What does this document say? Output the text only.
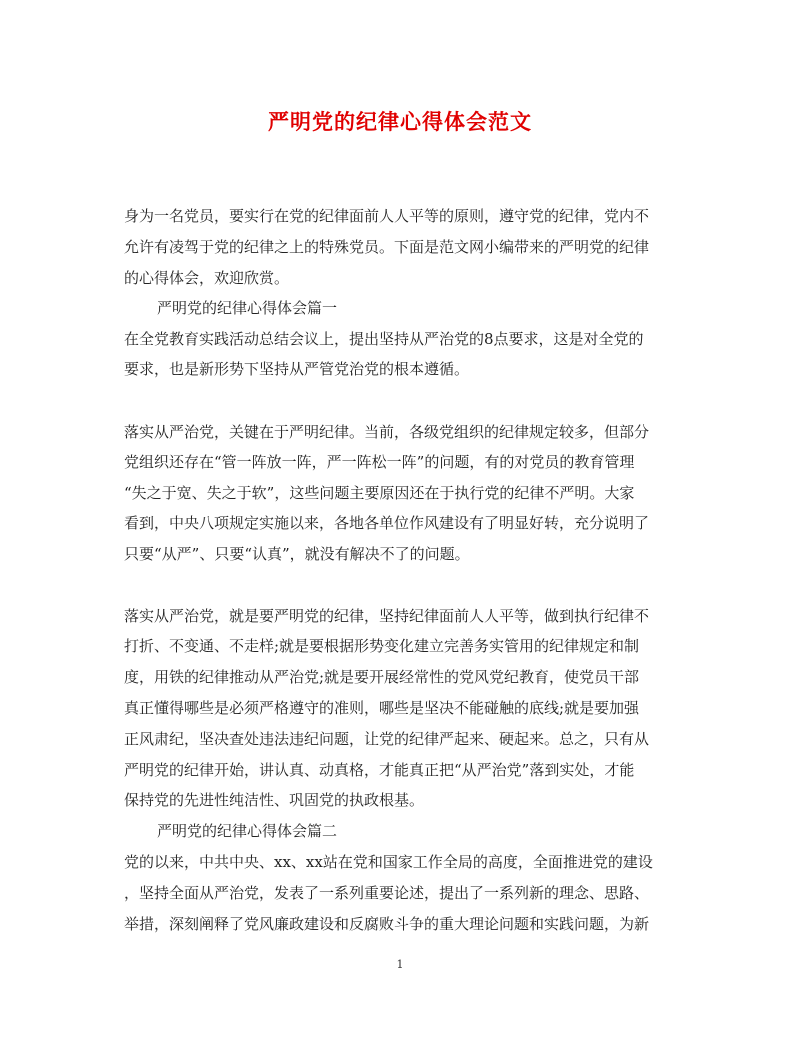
严明党的纪律心得体会范文
身为一名党员，要实行在党的纪律面前人人平等的原则，遵守党的纪律，党内不
允许有凌驾于党的纪律之上的特殊党员。下面是范文网小编带来的严明党的纪律
的心得体会，欢迎欣赏。
严明党的纪律心得体会篇一
在全党教育实践活动总结会议上，提出坚持从严治党的8点要求，这是对全党的
要求，也是新形势下坚持从严管党治党的根本遵循。
落实从严治党，关键在于严明纪律。当前，各级党组织的纪律规定较多，但部分
党组织还存在“管一阵放一阵，严一阵松一阵”的问题，有的对党员的教育管理
“失之于宽、失之于软”，这些问题主要原因还在于执行党的纪律不严明。大家
看到，中央八项规定实施以来，各地各单位作风建设有了明显好转，充分说明了
只要“从严”、只要“认真”，就没有解决不了的问题。
落实从严治党，就是要严明党的纪律，坚持纪律面前人人平等，做到执行纪律不
打折、不变通、不走样;就是要根据形势变化建立完善务实管用的纪律规定和制
度，用铁的纪律推动从严治党;就是要开展经常性的党风党纪教育，使党员干部
真正懂得哪些是必须严格遵守的准则，哪些是坚决不能碰触的底线;就是要加强
正风肃纪，坚决查处违法违纪问题，让党的纪律严起来、硬起来。总之，只有从
严明党的纪律开始，讲认真、动真格，才能真正把“从严治党”落到实处，才能
保持党的先进性纯洁性、巩固党的执政根基。
严明党的纪律心得体会篇二
党的以来，中共中央、xx、xx站在党和国家工作全局的高度，全面推进党的建设
，坚持全面从严治党，发表了一系列重要论述，提出了一系列新的理念、思路、
举措，深刻阐释了党风廉政建设和反腐败斗争的重大理论问题和实践问题，为新
1
